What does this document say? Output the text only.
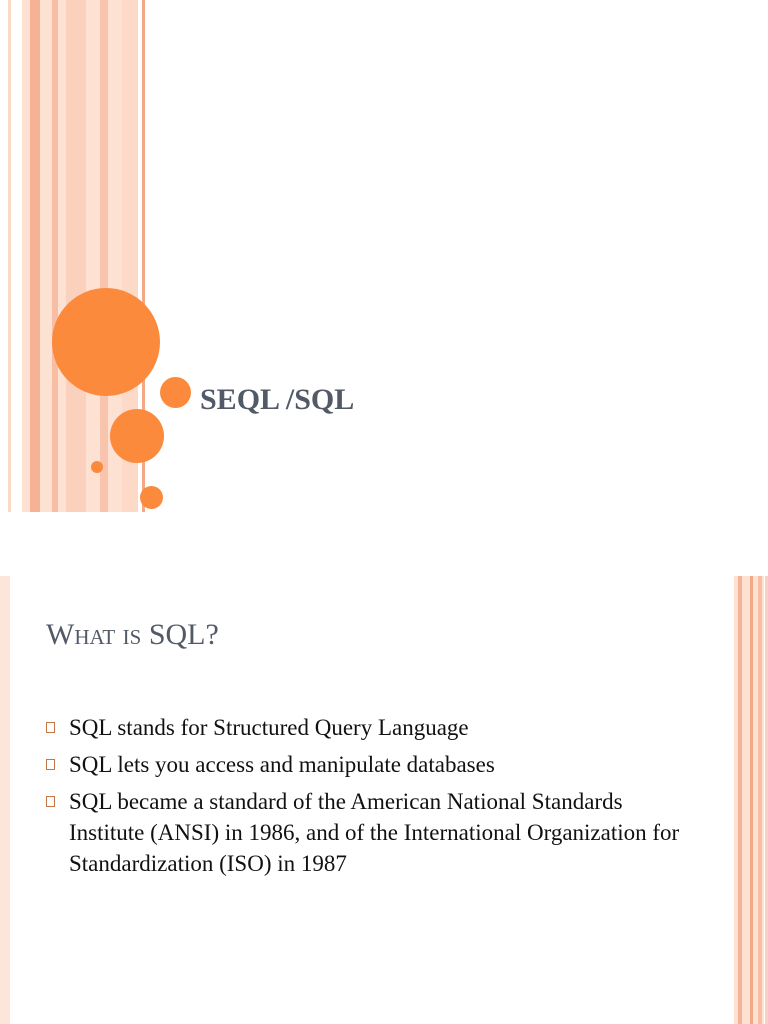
SEQL /SQL
What is SQL?
SQL stands for Structured Query Language
SQL lets you access and manipulate databases
SQL became a standard of the American National Standards Institute (ANSI) in 1986, and of the International Organization for Standardization (ISO) in 1987
